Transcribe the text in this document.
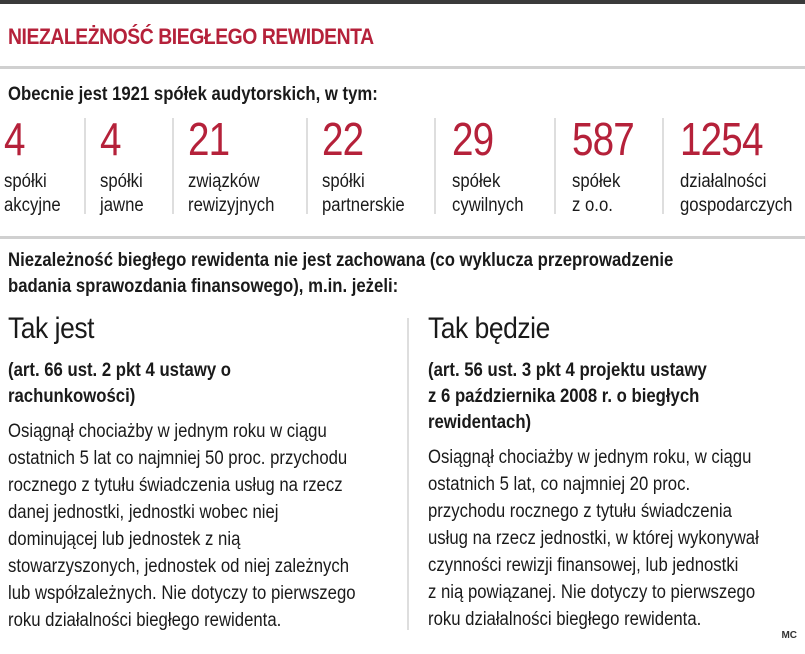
NIEZALEŻNOŚĆ BIEGŁEGO REWIDENTA
Obecnie jest 1921 spółek audytorskich, w tym:
4
spółki
akcyjne
4
spółki
jawne
21
związków
rewizyjnych
22
spółki
partnerskie
29
spółek
cywilnych
587
spółek
z o.o.
1254
działalności
gospodarczych
Niezależność biegłego rewidenta nie jest zachowana (co wyklucza przeprowadzenie
badania sprawozdania finansowego), m.in. jeżeli:
Tak jest
(art. 66 ust. 2 pkt 4 ustawy o
rachunkowości)
Osiągnął chociażby w jednym roku w ciągu
ostatnich 5 lat co najmniej 50 proc. przychodu
rocznego z tytułu świadczenia usług na rzecz
danej jednostki, jednostki wobec niej
dominującej lub jednostek z nią
stowarzyszonych, jednostek od niej zależnych
lub współzależnych. Nie dotyczy to pierwszego
roku działalności biegłego rewidenta.
Tak będzie
(art. 56 ust. 3 pkt 4 projektu ustawy
z 6 października 2008 r. o biegłych
rewidentach)
Osiągnął chociażby w jednym roku, w ciągu
ostatnich 5 lat, co najmniej 20 proc.
przychodu rocznego z tytułu świadczenia
usług na rzecz jednostki, w której wykonywał
czynności rewizji finansowej, lub jednostki
z nią powiązanej. Nie dotyczy to pierwszego
roku działalności biegłego rewidenta.
MC
